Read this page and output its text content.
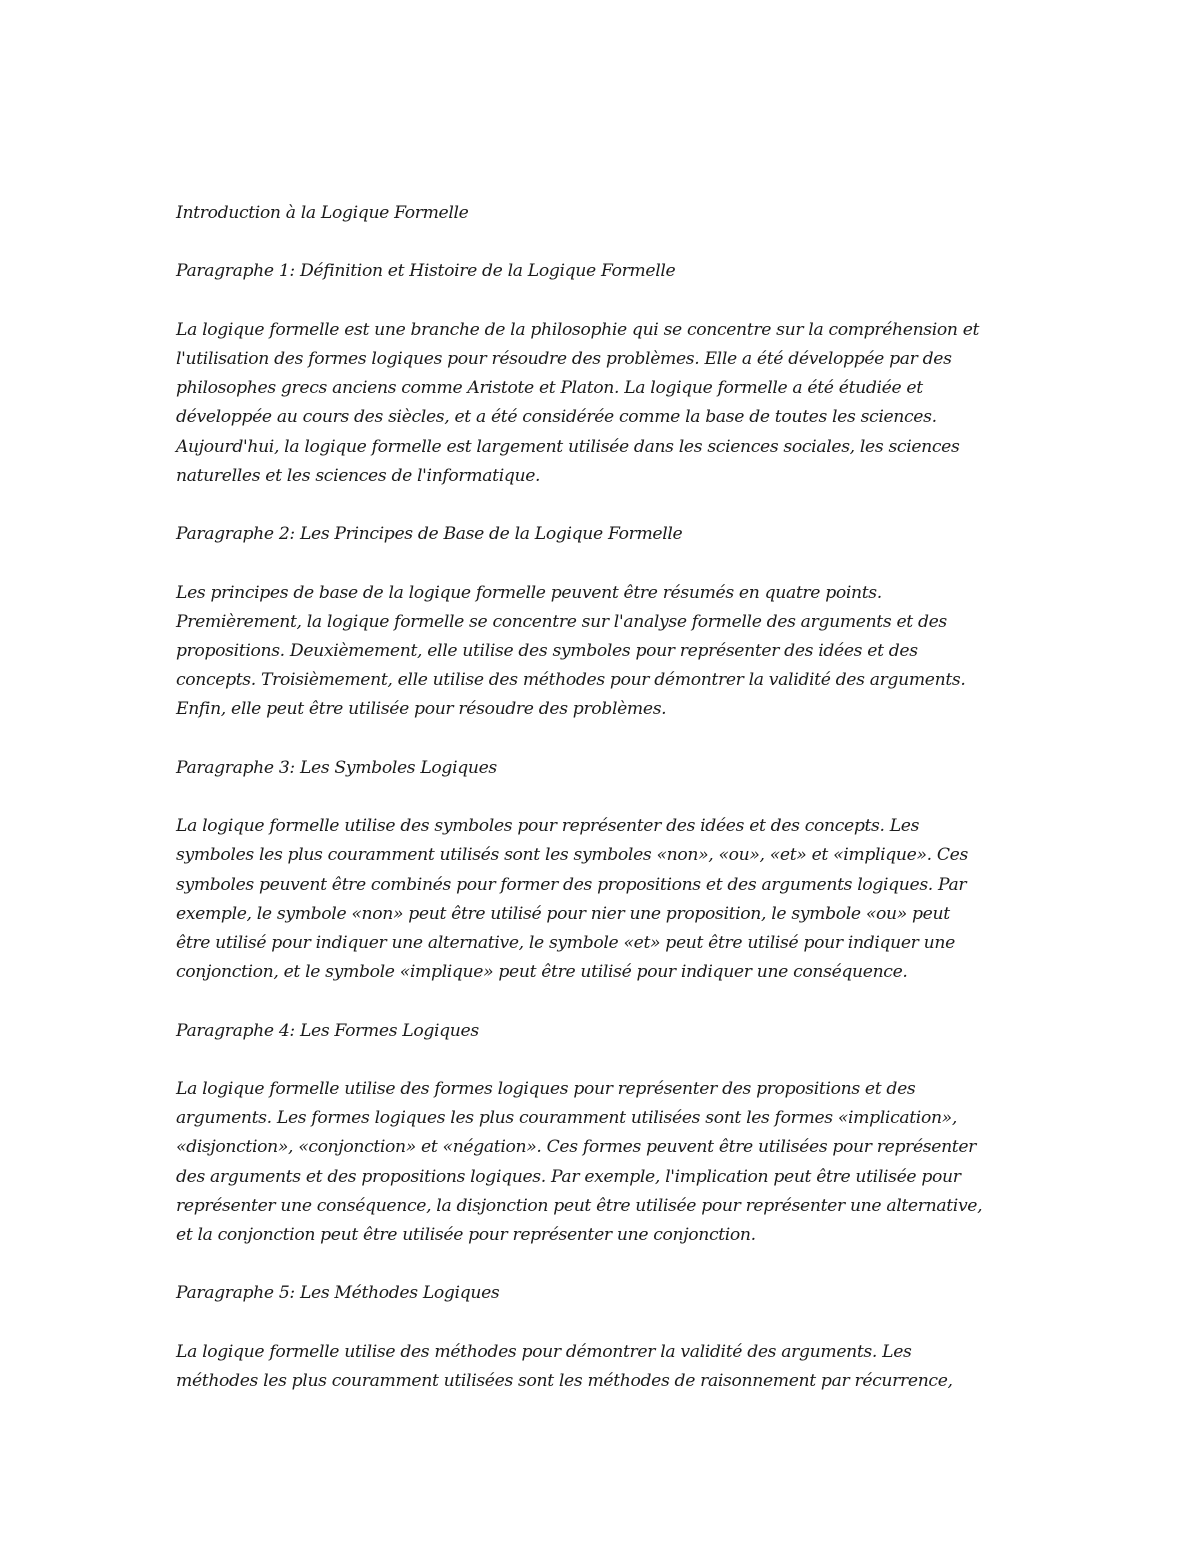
Introduction à la Logique Formelle
Paragraphe 1: Définition et Histoire de la Logique Formelle
La logique formelle est une branche de la philosophie qui se concentre sur la compréhension et
l'utilisation des formes logiques pour résoudre des problèmes. Elle a été développée par des
philosophes grecs anciens comme Aristote et Platon. La logique formelle a été étudiée et
développée au cours des siècles, et a été considérée comme la base de toutes les sciences.
Aujourd'hui, la logique formelle est largement utilisée dans les sciences sociales, les sciences
naturelles et les sciences de l'informatique.
Paragraphe 2: Les Principes de Base de la Logique Formelle
Les principes de base de la logique formelle peuvent être résumés en quatre points.
Premièrement, la logique formelle se concentre sur l'analyse formelle des arguments et des
propositions. Deuxièmement, elle utilise des symboles pour représenter des idées et des
concepts. Troisièmement, elle utilise des méthodes pour démontrer la validité des arguments.
Enfin, elle peut être utilisée pour résoudre des problèmes.
Paragraphe 3: Les Symboles Logiques
La logique formelle utilise des symboles pour représenter des idées et des concepts. Les
symboles les plus couramment utilisés sont les symboles «non», «ou», «et» et «implique». Ces
symboles peuvent être combinés pour former des propositions et des arguments logiques. Par
exemple, le symbole «non» peut être utilisé pour nier une proposition, le symbole «ou» peut
être utilisé pour indiquer une alternative, le symbole «et» peut être utilisé pour indiquer une
conjonction, et le symbole «implique» peut être utilisé pour indiquer une conséquence.
Paragraphe 4: Les Formes Logiques
La logique formelle utilise des formes logiques pour représenter des propositions et des
arguments. Les formes logiques les plus couramment utilisées sont les formes «implication»,
«disjonction», «conjonction» et «négation». Ces formes peuvent être utilisées pour représenter
des arguments et des propositions logiques. Par exemple, l'implication peut être utilisée pour
représenter une conséquence, la disjonction peut être utilisée pour représenter une alternative,
et la conjonction peut être utilisée pour représenter une conjonction.
Paragraphe 5: Les Méthodes Logiques
La logique formelle utilise des méthodes pour démontrer la validité des arguments. Les
méthodes les plus couramment utilisées sont les méthodes de raisonnement par récurrence,
